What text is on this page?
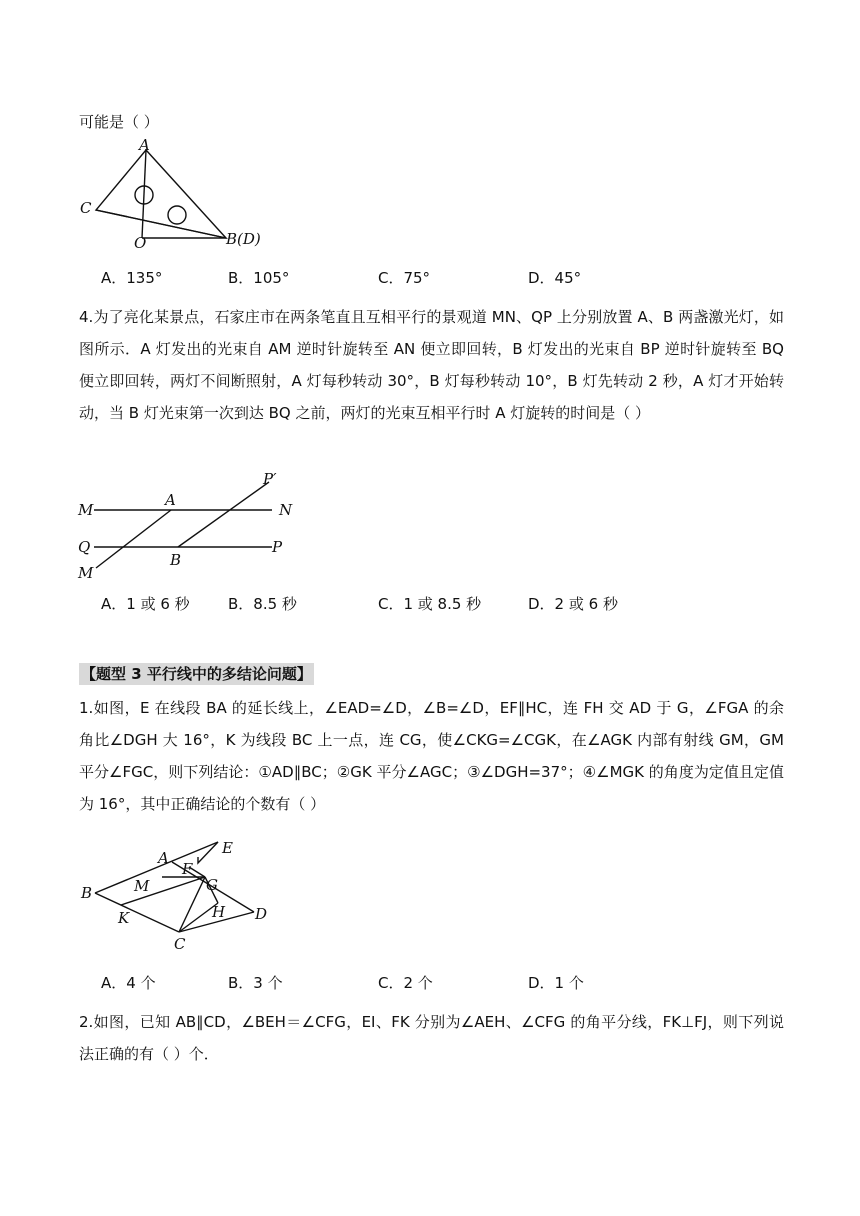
可能是（ ）
A
C
O	B(D)
A．135°	B．105°	C．75°	D．45°
4.为了亮化某景点，石家庄市在两条笔直且互相平行的景观道 MN、QP 上分别放置 A、B 两盏激光灯，如图所示．A 灯发出的光束自 AM 逆时针旋转至 AN 便立即回转，B 灯发出的光束自 BP 逆时针旋转至 BQ 便立即回转，两灯不间断照射，A 灯每秒转动 30°，B 灯每秒转动 10°，B 灯先转动 2 秒，A 灯才开始转动，当 B 灯光束第一次到达 BQ 之前，两灯的光束互相平行时 A 灯旋转的时间是（ ）
M
A
N
P′
Q
B
P
M
A．1 或 6 秒	B．8.5 秒	C．1 或 8.5 秒	D．2 或 6 秒
【题型 3 平行线中的多结论问题】
1.如图，E 在线段 BA 的延长线上，∠EAD=∠D，∠B=∠D，EF∥HC，连 FH 交 AD 于 G，∠FGA 的余角比∠DGH 大 16°，K 为线段 BC 上一点，连 CG，使∠CKG=∠CGK，在∠AGK 内部有射线 GM，GM 平分∠FGC，则下列结论：①AD∥BC；②GK 平分∠AGC；③∠DGH=37°；④∠MGK 的角度为定值且定值为 16°，其中正确结论的个数有（ ）
A
E
F
M	G
B
H D
K
C
A．4 个	B．3 个	C．2 个	D．1 个
2.如图，已知 AB∥CD，∠BEH＝∠CFG，EI、FK 分别为∠AEH、∠CFG 的角平分线，FK⊥FJ，则下列说法正确的有（ ）个．
